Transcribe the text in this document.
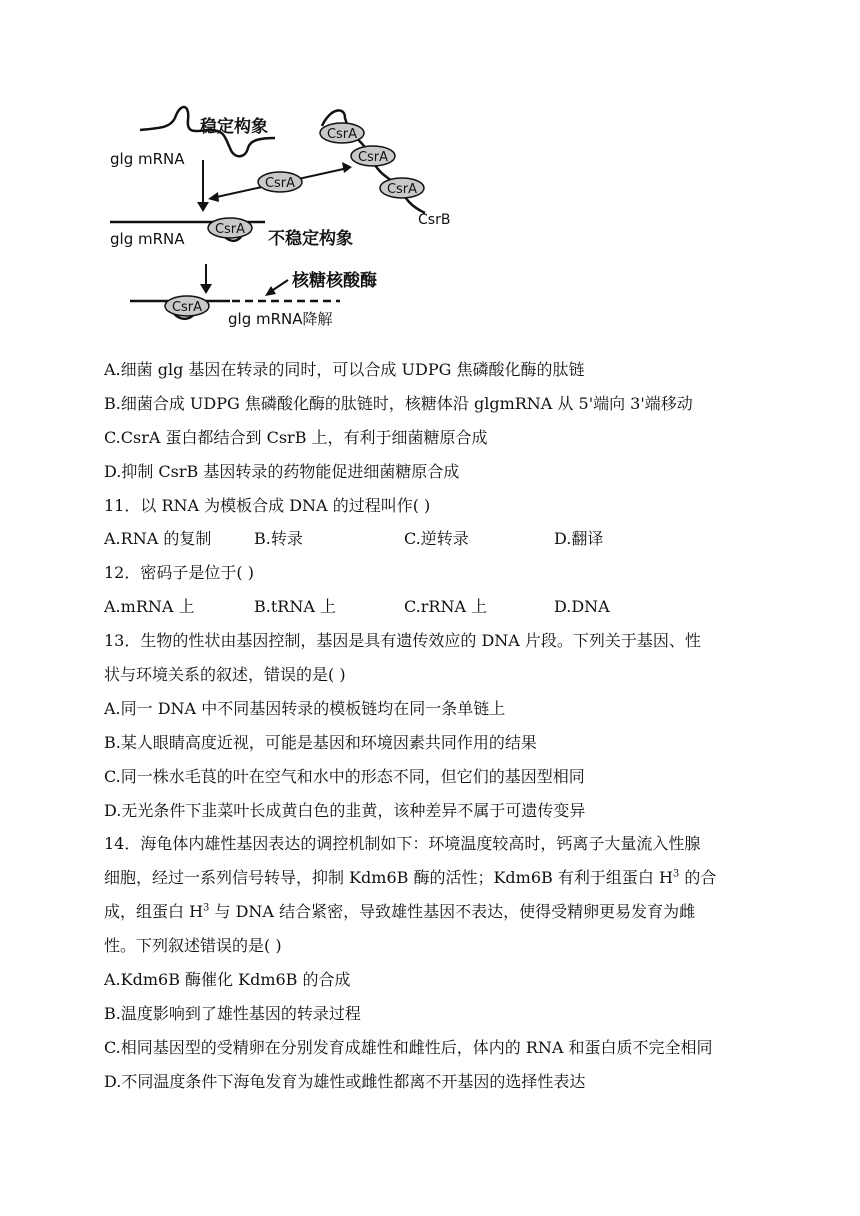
稳定构象
glg mRNA
CsrA
CsrA
CsrA
CsrB
CsrA
CsrA
glg mRNA	不稳定构象
核糖核酸酶
CsrA
glg mRNA降解
A.细菌 glg 基因在转录的同时，可以合成 UDPG 焦磷酸化酶的肽链
B.细菌合成 UDPG 焦磷酸化酶的肽链时，核糖体沿 glgmRNA 从 5'端向 3'端移动
C.CsrA 蛋白都结合到 CsrB 上，有利于细菌糖原合成
D.抑制 CsrB 基因转录的药物能促进细菌糖原合成
11．以 RNA 为模板合成 DNA 的过程叫作( )
A.RNA 的复制	B.转录	C.逆转录	D.翻译
12．密码子是位于( )
A.mRNA 上	B.tRNA 上	C.rRNA 上	D.DNA
13．生物的性状由基因控制，基因是具有遗传效应的 DNA 片段。下列关于基因、性
状与环境关系的叙述，错误的是( )
A.同一 DNA 中不同基因转录的模板链均在同一条单链上
B.某人眼睛高度近视，可能是基因和环境因素共同作用的结果
C.同一株水毛茛的叶在空气和水中的形态不同，但它们的基因型相同
D.无光条件下韭菜叶长成黄白色的韭黄，该种差异不属于可遗传变异
14．海龟体内雄性基因表达的调控机制如下：环境温度较高时，钙离子大量流入性腺
细胞，经过一系列信号转导，抑制 Kdm6B 酶的活性；Kdm6B 有利于组蛋白 $H^3$ 的合
成，组蛋白 $H^3$ 与 DNA 结合紧密，导致雄性基因不表达，使得受精卵更易发育为雌
性。下列叙述错误的是( )
A.Kdm6B 酶催化 Kdm6B 的合成
B.温度影响到了雄性基因的转录过程
C.相同基因型的受精卵在分别发育成雄性和雌性后，体内的 RNA 和蛋白质不完全相同
D.不同温度条件下海龟发育为雄性或雌性都离不开基因的选择性表达
